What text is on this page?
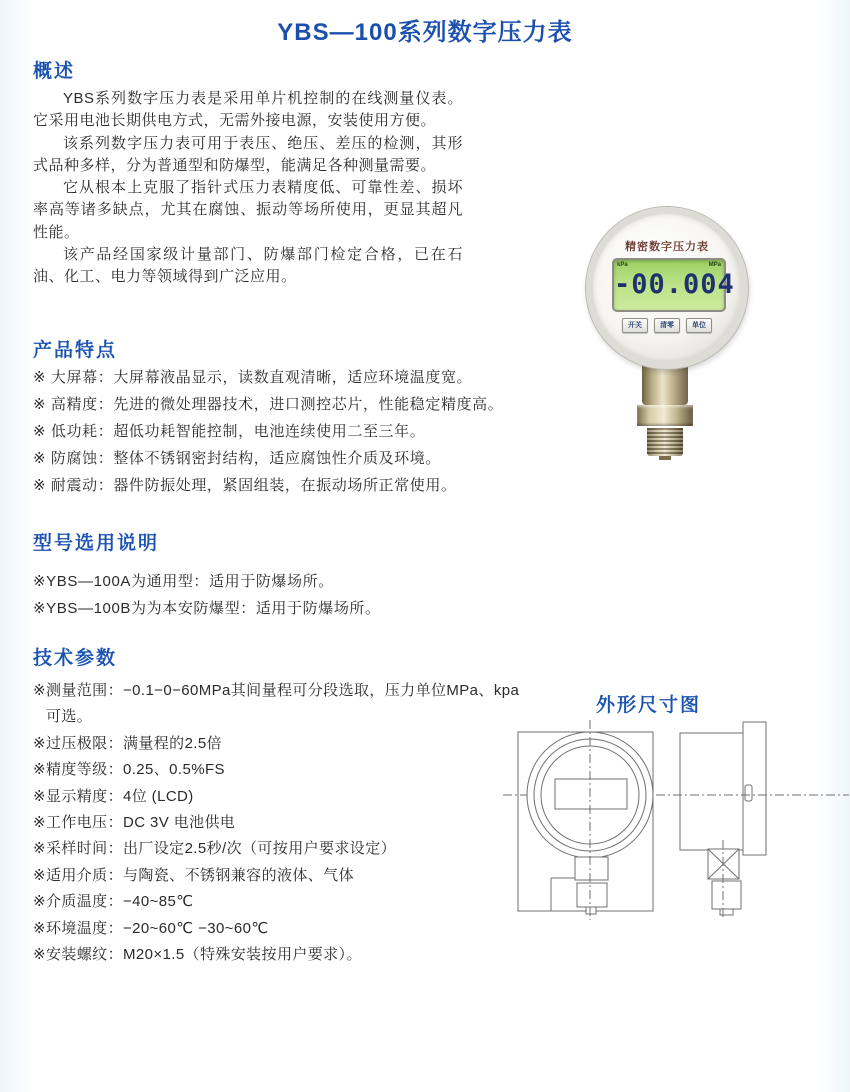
YBS—100系列数字压力表
概述

YBS系列数字压力表是采用单片机控制的在线测量仪表。它采用电池长期供电方式，无需外接电源，安装使用方便。

该系列数字压力表可用于表压、绝压、差压的检测，其形式品种多样，分为普通型和防爆型，能满足各种测量需要。

它从根本上克服了指针式压力表精度低、可靠性差、损坏率高等诸多缺点，尤其在腐蚀、振动等场所使用，更显其超凡性能。

该产品经国家级计量部门、防爆部门检定合格，已在石油、化工、电力等领域得到广泛应用。

精密数字压力表
kPa	MPa
-00.004
开关	清零	单位
产品特点
※ 大屏幕：大屏幕液晶显示，读数直观清晰，适应环境温度宽。
※ 高精度：先进的微处理器技术，进口测控芯片，性能稳定精度高。
※ 低功耗：超低功耗智能控制，电池连续使用二至三年。
※ 防腐蚀：整体不锈钢密封结构，适应腐蚀性介质及环境。
※ 耐震动：器件防振处理，紧固组装，在振动场所正常使用。
型号选用说明
※YBS—100A为通用型：适用于防爆场所。
※YBS—100B为为本安防爆型：适用于防爆场所。
技术参数
※测量范围：−0.1−0−60MPa其间量程可分段选取，压力单位MPa、kpa可选。
※过压极限：满量程的2.5倍
※精度等级：0.25、0.5%FS
※显示精度：4位 (LCD)
※工作电压：DC 3V 电池供电
※采样时间：出厂设定2.5秒/次（可按用户要求设定）
※适用介质：与陶瓷、不锈钢兼容的液体、气体
※介质温度：−40~85℃
※环境温度：−20~60℃ −30~60℃
※安装螺纹：M20×1.5（特殊安装按用户要求）。
外形尺寸图
